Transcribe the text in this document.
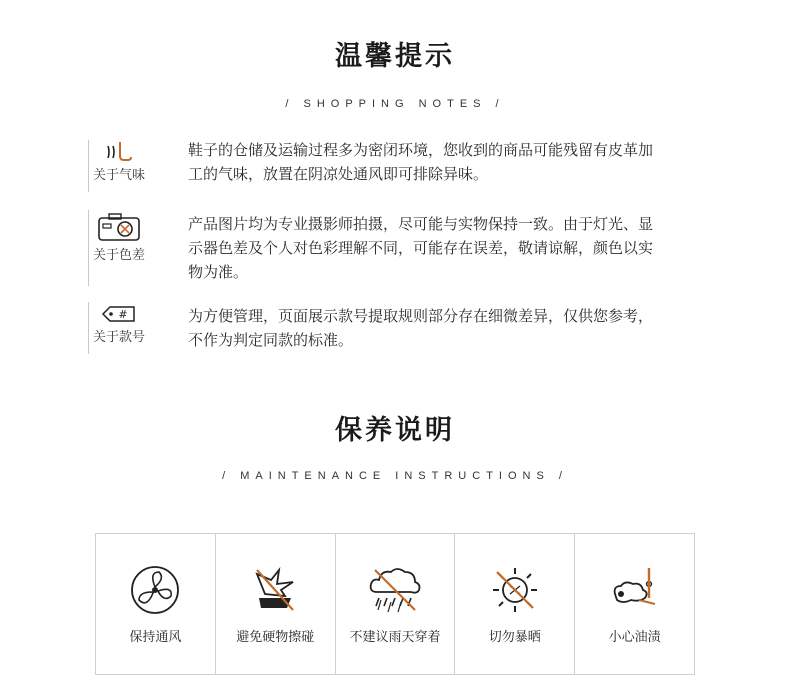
温馨提示
/ SHOPPING NOTES /
关于气味
鞋子的仓储及运输过程多为密闭环境，您收到的商品可能残留有皮革加
工的气味，放置在阴凉处通风即可排除异味。
关于色差
产品图片均为专业摄影师拍摄，尽可能与实物保持一致。由于灯光、显
示器色差及个人对色彩理解不同，可能存在误差，敬请谅解，颜色以实
物为准。
#
关于款号
为方便管理，页面展示款号提取规则部分存在细微差异，仅供您参考，
不作为判定同款的标准。
保养说明
/ MAINTENANCE INSTRUCTIONS /
保持通风	避免硬物擦碰	不建议雨天穿着	切勿暴晒	小心油渍
